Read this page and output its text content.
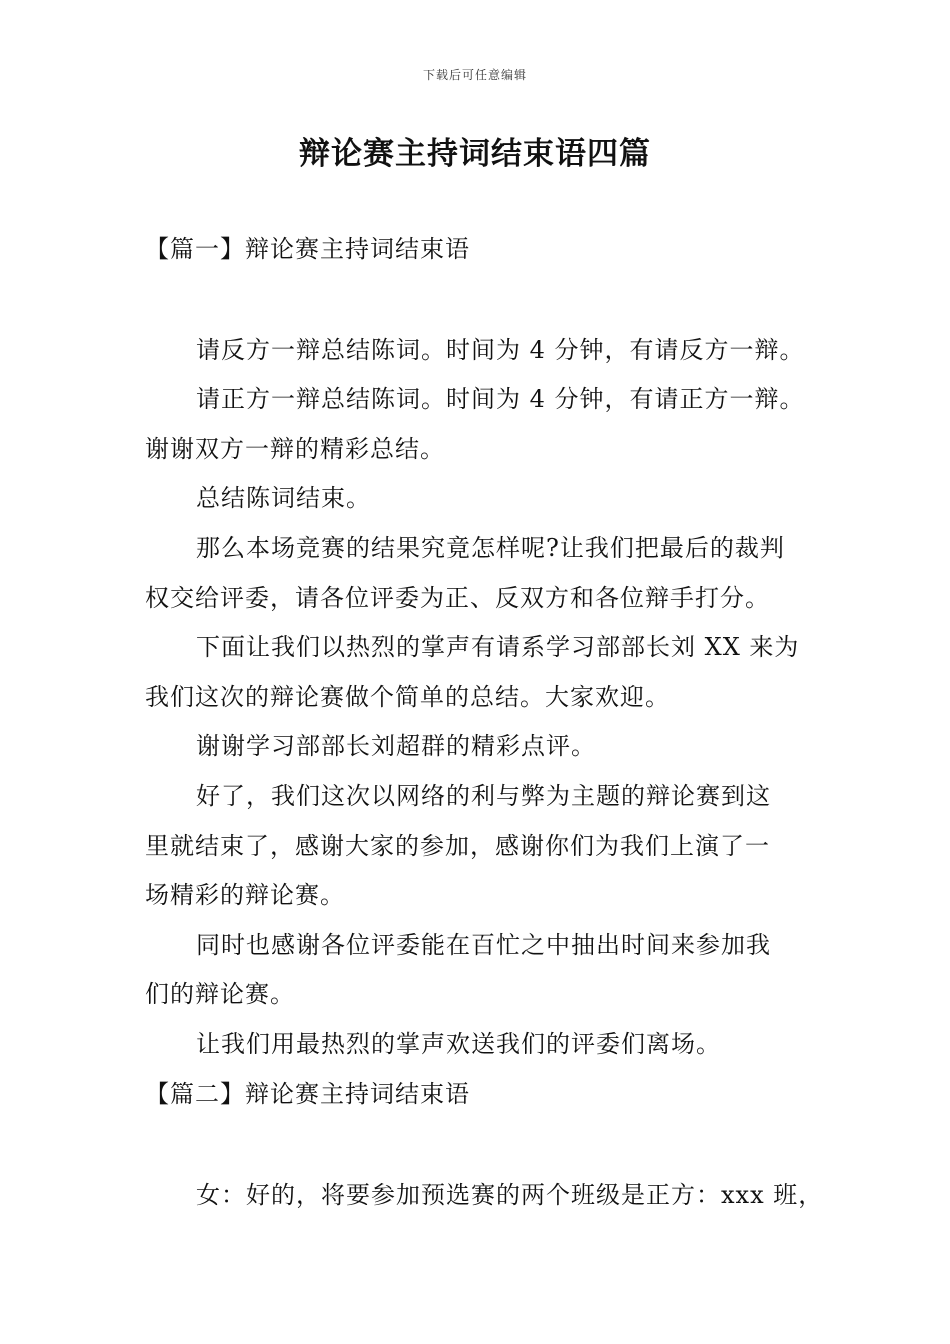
下载后可任意编辑
辩论赛主持词结束语四篇
【篇一】辩论赛主持词结束语
请反方一辩总结陈词。时间为 4 分钟，有请反方一辩。
请正方一辩总结陈词。时间为 4 分钟，有请正方一辩。
谢谢双方一辩的精彩总结。
总结陈词结束。
那么本场竞赛的结果究竟怎样呢?让我们把最后的裁判
权交给评委，请各位评委为正、反双方和各位辩手打分。
下面让我们以热烈的掌声有请系学习部部长刘 XX 来为
我们这次的辩论赛做个简单的总结。大家欢迎。
谢谢学习部部长刘超群的精彩点评。
好了，我们这次以网络的利与弊为主题的辩论赛到这
里就结束了，感谢大家的参加，感谢你们为我们上演了一
场精彩的辩论赛。
同时也感谢各位评委能在百忙之中抽出时间来参加我
们的辩论赛。
让我们用最热烈的掌声欢送我们的评委们离场。
【篇二】辩论赛主持词结束语
女：好的，将要参加预选赛的两个班级是正方：xxx 班，
